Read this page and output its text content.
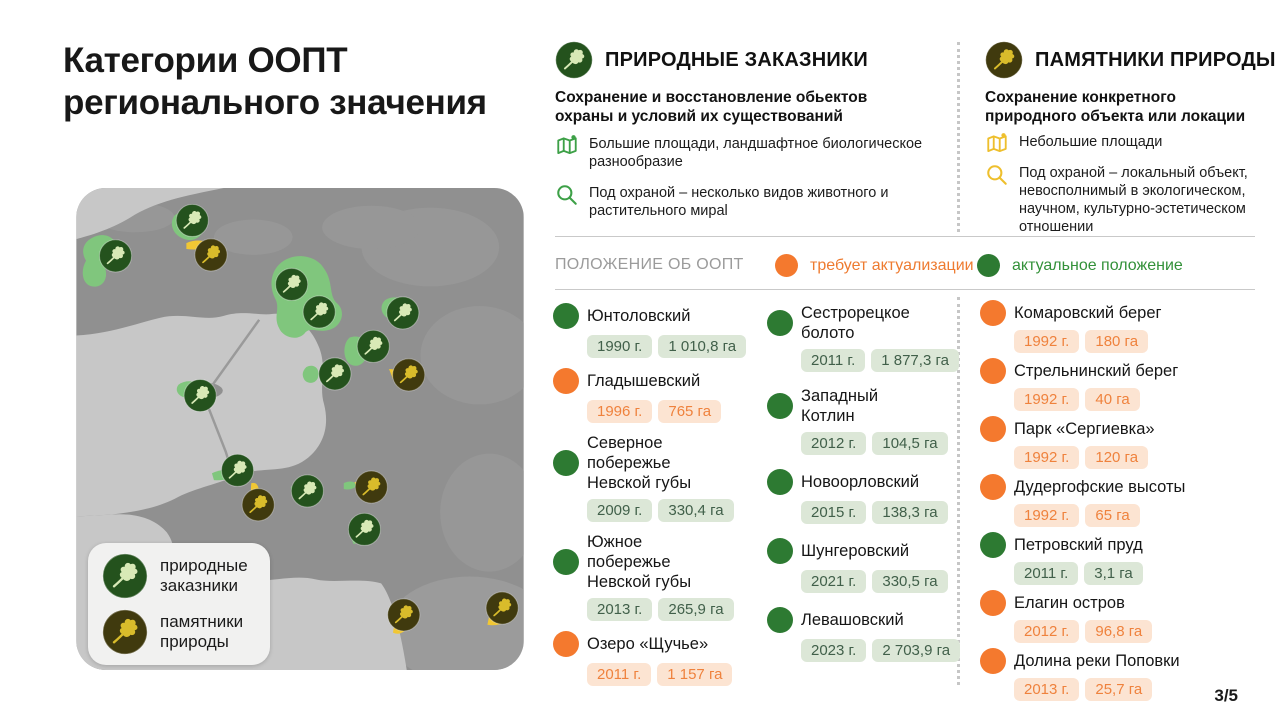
Категории ООПТ
регионального значения
природные заказники
памятники природы
ПРИРОДНЫЕ ЗАКАЗНИКИ
Сохранение и восстановление обьектов охраны и условий их существований
Большие площади, ландшафтное биологическое разнообразие
Под охраной – несколько видов животного и растительного мираl
ПАМЯТНИКИ ПРИРОДЫ
Сохранение конкретного природного объекта или локации
Небольшие площади
Под охраной – локальный объект, невосполнимый в экологическом, научном, культурно-эстетическом отношении
ПОЛОЖЕНИЕ ОБ ООПТ	требует актуализации актуальное положение
Юнтоловский
1990 г.	1 010,8 га
Гладышевский
1996 г.	765 га
Северное побережье Невской губы
2009 г.	330,4 га
Южное побережье Невской губы
2013 г.	265,9 га
Озеро «Щучье»
2011 г.	1 157 га
Сестрорецкое болото
2011 г.	1 877,3 га
Западный Котлин
2012 г.	104,5 га
Новоорловский
2015 г.	138,3 га
Шунгеровский
2021 г.	330,5 га
Левашовский
2023 г.	2 703,9 га
Комаровский берег
1992 г.	180 га
Стрельнинский берег
1992 г.	40 га
Парк «Сергиевка»
1992 г.	120 га
Дудергофские высоты
1992 г.	65 га
Петровский пруд
2011 г.	3,1 га
Елагин остров
2012 г.	96,8 га
Долина реки Поповки
2013 г.	25,7 га	3/5
